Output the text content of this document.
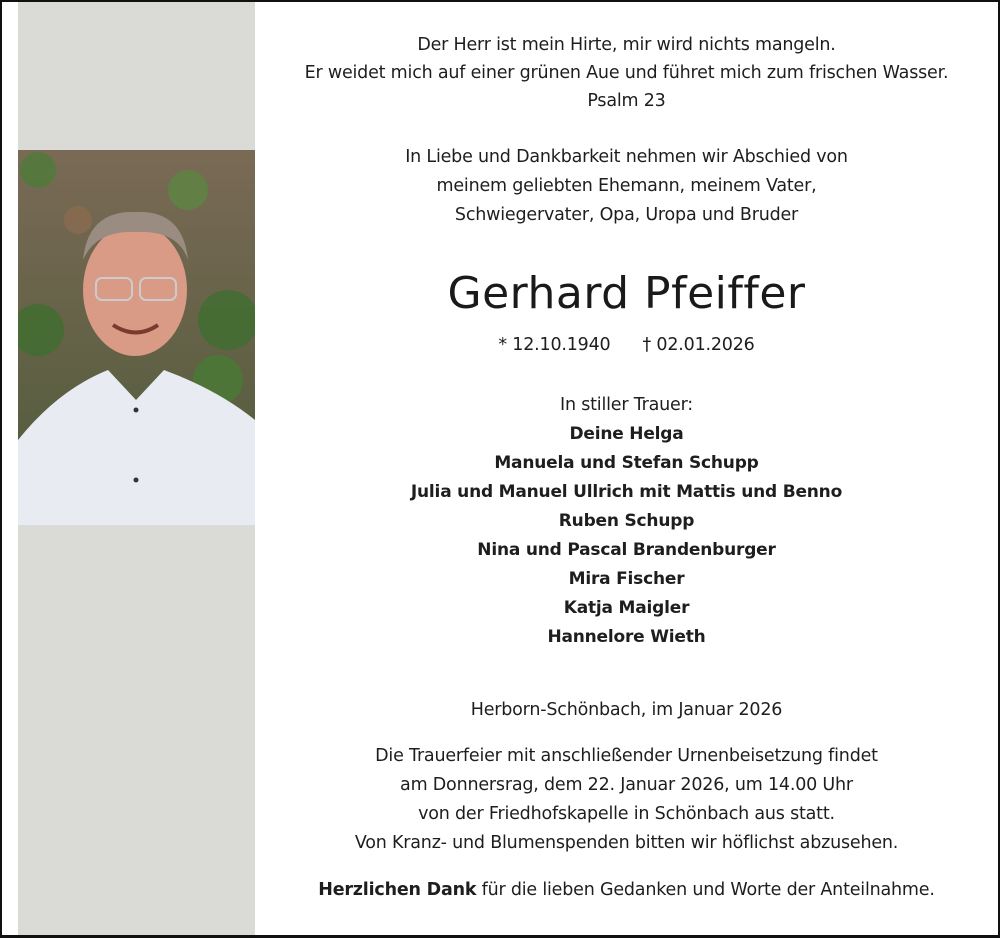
Der Herr ist mein Hirte, mir wird nichts mangeln.
Er weidet mich auf einer grünen Aue und führet mich zum frischen Wasser.
Psalm 23
In Liebe und Dankbarkeit nehmen wir Abschied von
meinem geliebten Ehemann, meinem Vater,
Schwiegervater, Opa, Uropa und Bruder
Gerhard Pfeiffer
* 12.10.1940 † 02.01.2026
In stiller Trauer:
Deine Helga
Manuela und Stefan Schupp
Julia und Manuel Ullrich mit Mattis und Benno
Ruben Schupp
Nina und Pascal Brandenburger
Mira Fischer
Katja Maigler
Hannelore Wieth
Herborn-Schönbach, im Januar 2026
Die Trauerfeier mit anschließender Urnenbeisetzung findet
am Donnersrag, dem 22. Januar 2026, um 14.00 Uhr
von der Friedhofskapelle in Schönbach aus statt.
Von Kranz- und Blumenspenden bitten wir höflichst abzusehen.
Herzlichen Dank für die lieben Gedanken und Worte der Anteilnahme.
